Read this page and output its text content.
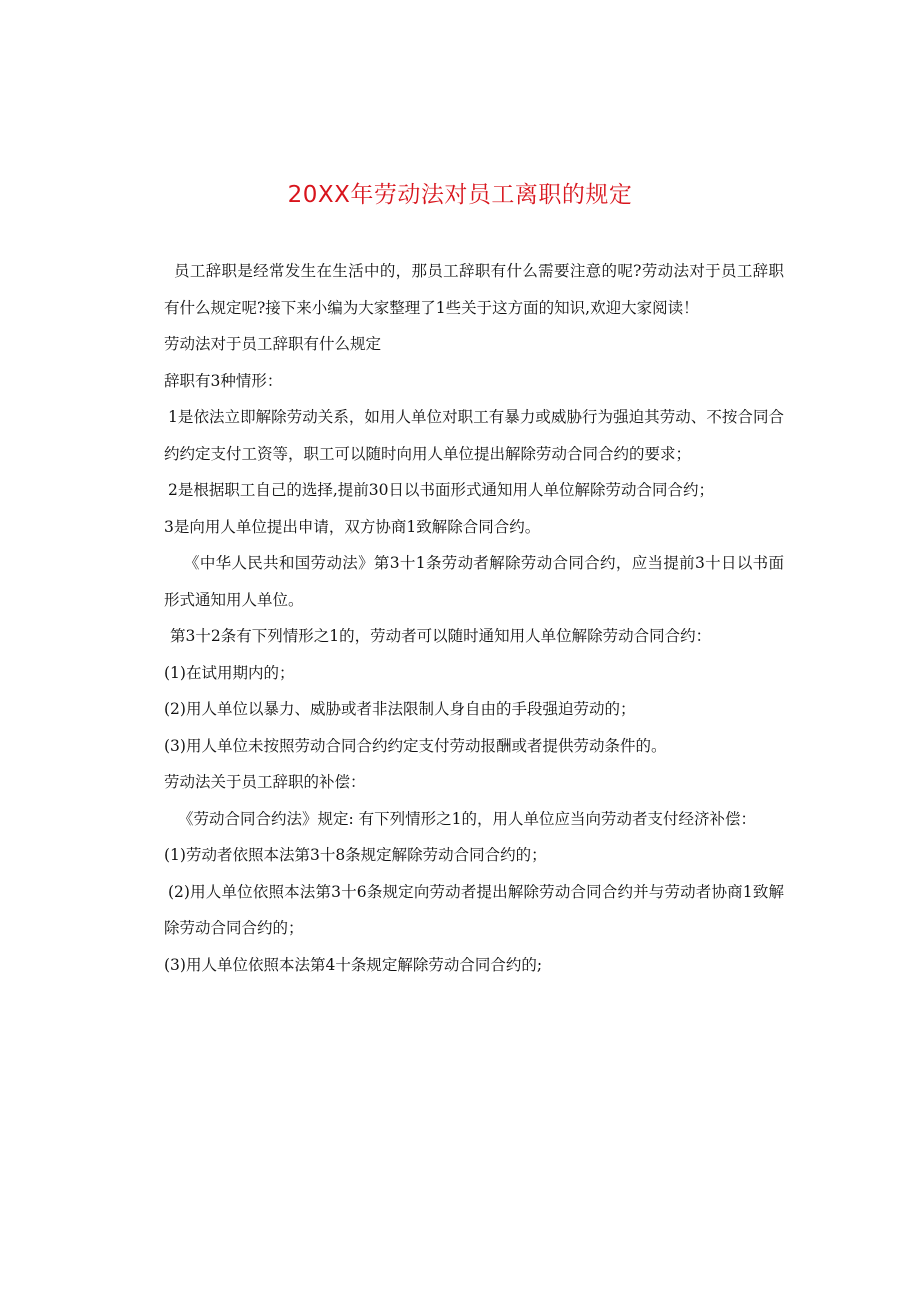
20XX年劳动法对员工离职的规定

员工辞职是经常发生在生活中的，那员工辞职有什么需要注意的呢?劳动法对于员工辞职有什么规定呢?接下来小编为大家整理了1些关于这方面的知识,欢迎大家阅读！

劳动法对于员工辞职有什么规定

辞职有3种情形：

1是依法立即解除劳动关系，如用人单位对职工有暴力或威胁行为强迫其劳动、不按合同合约约定支付工资等，职工可以随时向用人单位提出解除劳动合同合约的要求；

2是根据职工自己的选择,提前30日以书面形式通知用人单位解除劳动合同合约；

3是向用人单位提出申请，双方协商1致解除合同合约。

《中华人民共和国劳动法》第3十1条劳动者解除劳动合同合约，应当提前3十日以书面形式通知用人单位。

第3十2条有下列情形之1的，劳动者可以随时通知用人单位解除劳动合同合约：

(1)在试用期内的；

(2)用人单位以暴力、威胁或者非法限制人身自由的手段强迫劳动的；

(3)用人单位未按照劳动合同合约约定支付劳动报酬或者提供劳动条件的。

劳动法关于员工辞职的补偿：

《劳动合同合约法》规定: 有下列情形之1的，用人单位应当向劳动者支付经济补偿：

(1)劳动者依照本法第3十8条规定解除劳动合同合约的；

(2)用人单位依照本法第3十6条规定向劳动者提出解除劳动合同合约并与劳动者协商1致解除劳动合同合约的；

(3)用人单位依照本法第4十条规定解除劳动合同合约的;
